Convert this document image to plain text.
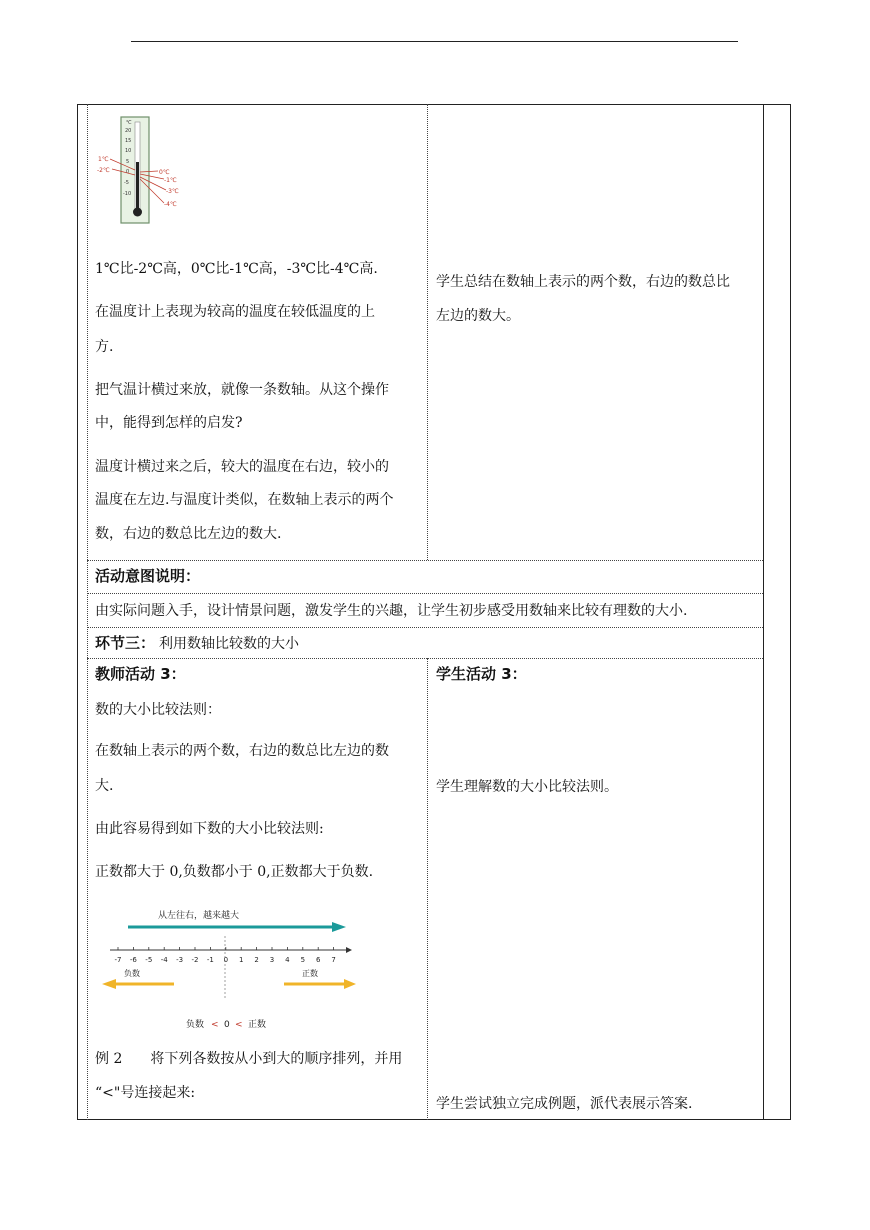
℃
20
15
10
5
0
-5
-10
1℃
-2℃	0℃
-1℃
-3℃
-4℃
1℃比-2℃高，0℃比-1℃高，-3℃比-4℃高.
在温度计上表现为较高的温度在较低温度的上
方.
把气温计横过来放，就像一条数轴。从这个操作
中，能得到怎样的启发?
温度计横过来之后，较大的温度在右边，较小的
温度在左边.与温度计类似，在数轴上表示的两个
数，右边的数总比左边的数大.
学生总结在数轴上表示的两个数，右边的数总比
左边的数大。
活动意图说明：
由实际问题入手，设计情景问题，激发学生的兴趣，让学生初步感受用数轴来比较有理数的大小.
环节三： 利用数轴比较数的大小
教师活动 3：
数的大小比较法则：
在数轴上表示的两个数，右边的数总比左边的数
大.
由此容易得到如下数的大小比较法则:
正数都大于 0,负数都小于 0,正数都大于负数.
从左往右，越来越大
-7 -6 -5 -4 -3 -2 -1 0 1 2 3 4 5 6 7
负数	正数
负数 < 0 < 正数
例 2　　将下列各数按从小到大的顺序排列，并用
“<"号连接起来:
学生活动 3：
学生理解数的大小比较法则。
学生尝试独立完成例题，派代表展示答案.
